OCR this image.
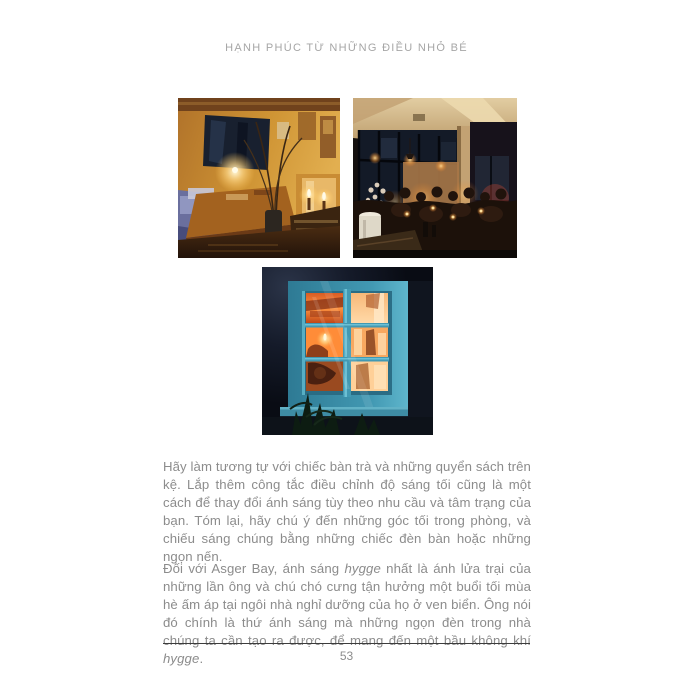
HẠNH PHÚC TỪ NHỮNG ĐIỀU NHỎ BÉ

Hãy làm tương tự với chiếc bàn trà và những quyển sách trên kệ. Lắp thêm công tắc điều chỉnh độ sáng tối cũng là một cách để thay đổi ánh sáng tùy theo nhu cầu và tâm trạng của bạn. Tóm lại, hãy chú ý đến những góc tối trong phòng, và chiếu sáng chúng bằng những chiếc đèn bàn hoặc những ngọn nến.

Đối với Asger Bay, ánh sáng hygge nhất là ánh lửa trại của những lần ông và chú chó cưng tận hưởng một buổi tối mùa hè ấm áp tại ngôi nhà nghỉ dưỡng của họ ở ven biển. Ông nói đó chính là thứ ánh sáng mà những ngọn đèn trong nhà chúng ta cần tạo ra được, để mang đến một bầu không khí hygge.	53
